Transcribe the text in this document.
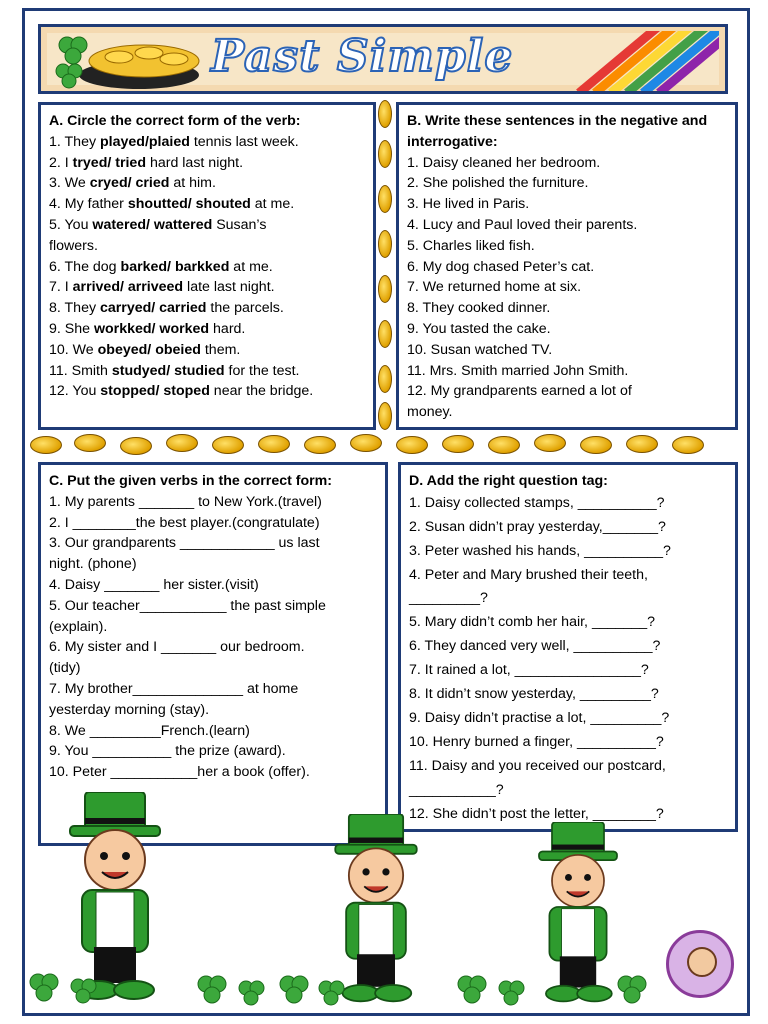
Past Simple
A. Circle the correct form of the verb:
1. They played/plaied tennis last week.
2. I tryed/ tried hard last night.
3. We cryed/ cried at him.
4. My father shoutted/ shouted at me.
5. You watered/ wattered Susan’s
flowers.
6. The dog barked/ barkked at me.
7. I arrived/ arriveed late last night.
8. They carryed/ carried the parcels.
9. She workked/ worked hard.
10. We obeyed/ obeied them.
11. Smith studyed/ studied for the test.
12. You stopped/ stoped near the bridge.
B. Write these sentences in the negative and interrogative:
1. Daisy cleaned her bedroom.
2. She polished the furniture.
3. He lived in Paris.
4. Lucy and Paul loved their parents.
5. Charles liked fish.
6. My dog chased Peter’s cat.
7. We returned home at six.
8. They cooked dinner.
9. You tasted the cake.
10. Susan watched TV.
11. Mrs. Smith married John Smith.
12. My grandparents earned a lot of
money.
C. Put the given verbs in the correct form:
1. My parents _______ to New York.(travel)
2. I ________the best player.(congratulate)
3. Our grandparents ____________ us last
night. (phone)
4. Daisy _______ her sister.(visit)
5. Our teacher___________ the past simple
(explain).
6. My sister and I _______ our bedroom.
(tidy)
7. My brother______________ at home
yesterday morning (stay).
8. We _________French.(learn)
9. You __________ the prize (award).
10. Peter ___________her a book (offer).
D. Add the right question tag:
1. Daisy collected stamps, __________?
2. Susan didn’t pray yesterday,_______?
3. Peter washed his hands, __________?
4. Peter and Mary brushed their teeth,
_________?
5. Mary didn’t comb her hair, _______?
6. They danced very well, __________?
7. It rained a lot, ________________?
8. It didn’t snow yesterday, _________?
9. Daisy didn’t practise a lot, _________?
10. Henry burned a finger, __________?
11. Daisy and you received our postcard,
___________?
12. She didn’t post the letter, ________?
